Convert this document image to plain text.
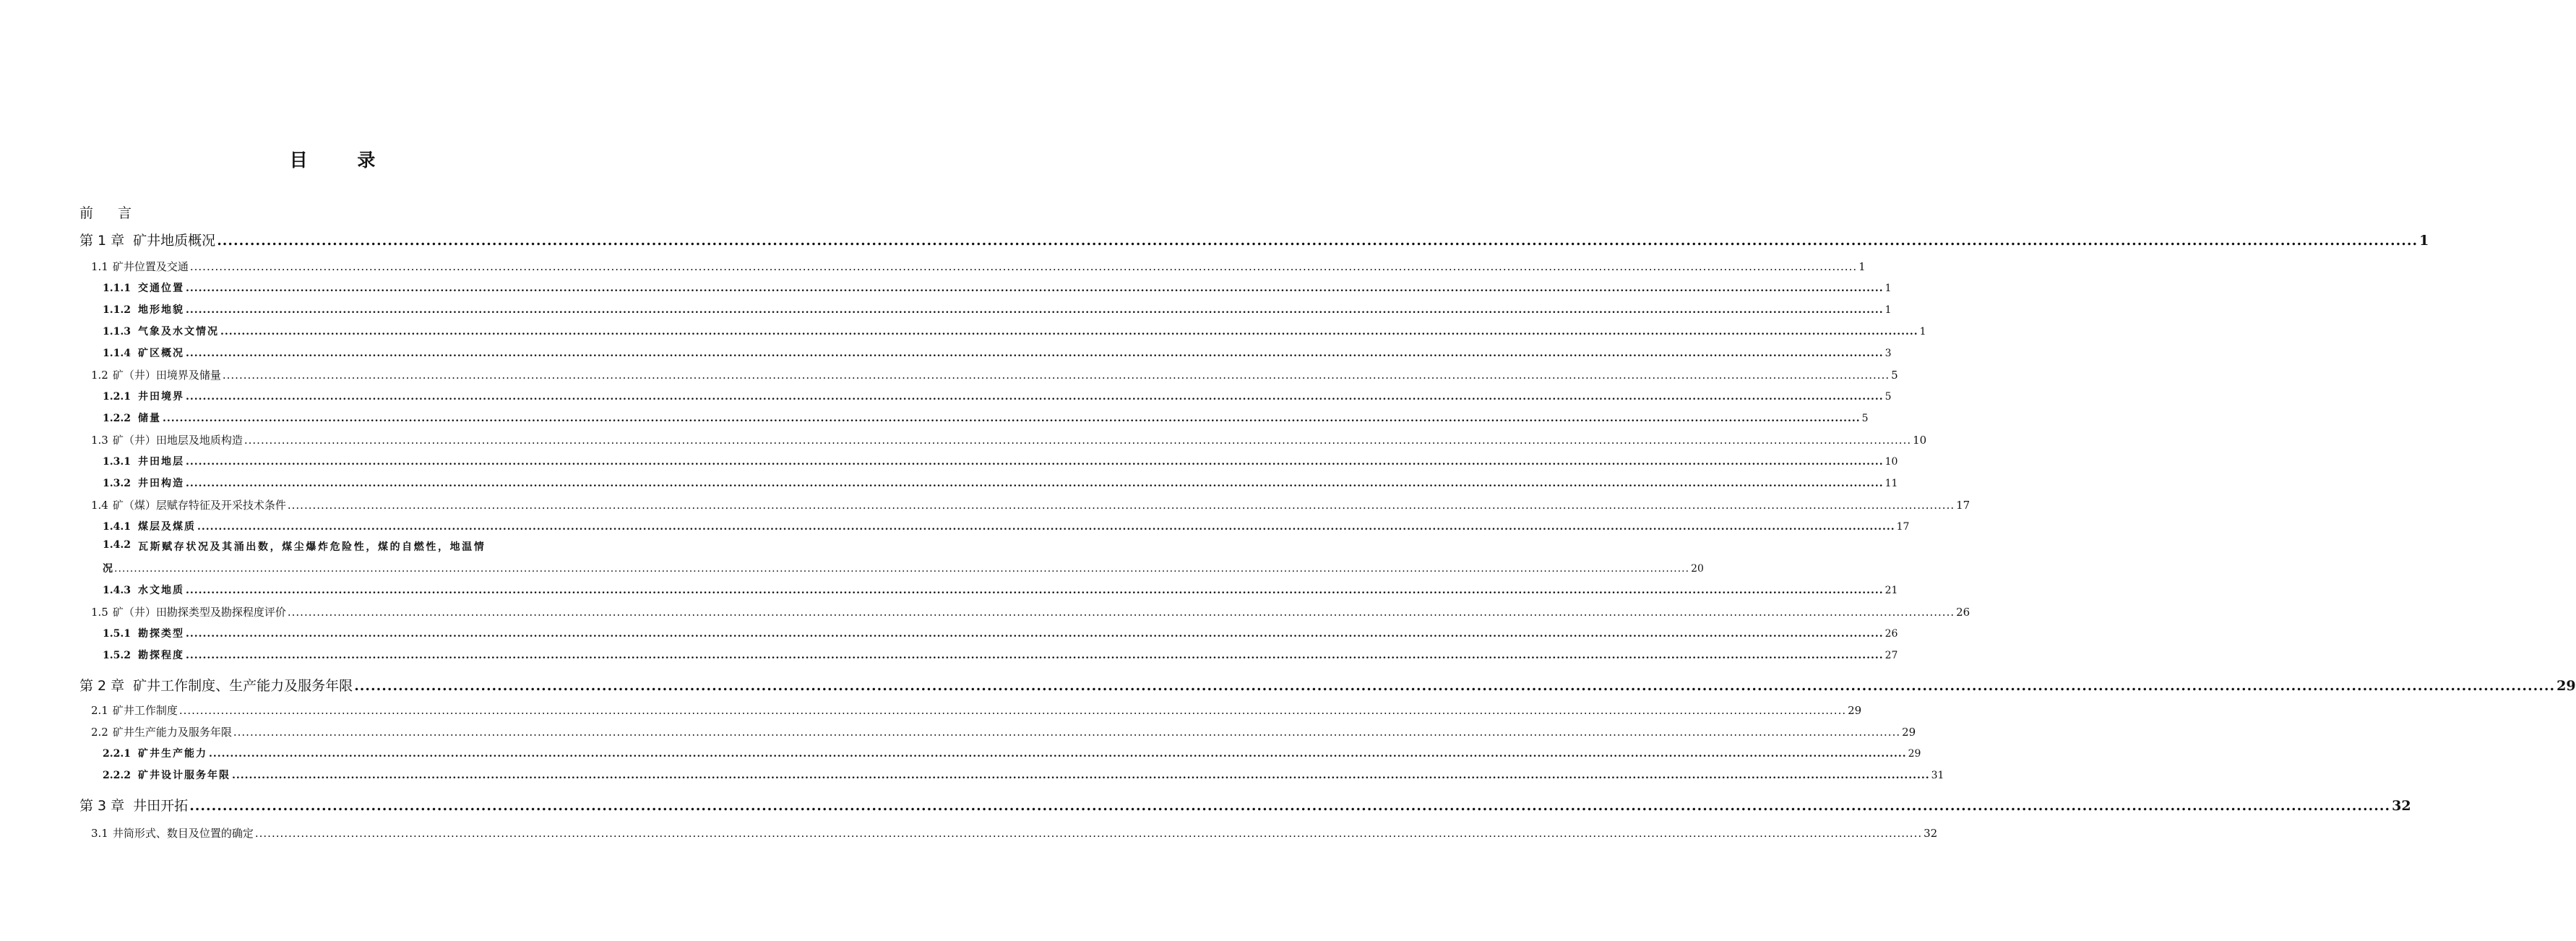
目 录
前 言
第 1 章 矿井地质概况 ................................................................................................................................................................................................................................................................................................................................................................................................................ 1
1.1 矿井位置及交通 ................................................................................................................................................................................................................................................................................................................................................................................................................ 1
1.1.1 交通位置 ................................................................................................................................................................................................................................................................................................................................................................................................................ 1
1.1.2 地形地貌 ................................................................................................................................................................................................................................................................................................................................................................................................................ 1
1.1.3 气象及水文情况 ................................................................................................................................................................................................................................................................................................................................................................................................................ 1
1.1.4 矿区概况 ................................................................................................................................................................................................................................................................................................................................................................................................................ 3
1.2 矿（井）田境界及储量 ................................................................................................................................................................................................................................................................................................................................................................................................................ 5
1.2.1 井田境界 ................................................................................................................................................................................................................................................................................................................................................................................................................ 5
1.2.2 储量 ................................................................................................................................................................................................................................................................................................................................................................................................................ 5
1.3 矿（井）田地层及地质构造 ................................................................................................................................................................................................................................................................................................................................................................................................................ 10
1.3.1 井田地层 ................................................................................................................................................................................................................................................................................................................................................................................................................ 10
1.3.2 井田构造 ................................................................................................................................................................................................................................................................................................................................................................................................................ 11
1.4 矿（煤）层赋存特征及开采技术条件 ................................................................................................................................................................................................................................................................................................................................................................................................................ 17
1.4.1 煤层及煤质 ................................................................................................................................................................................................................................................................................................................................................................................................................ 17
1.4.2 瓦斯赋存状况及其涌出数，煤尘爆炸危险性，煤的自燃性，地温情
况 ................................................................................................................................................................................................................................................................................................................................................................................................................ 20
1.4.3 水文地质 ................................................................................................................................................................................................................................................................................................................................................................................................................ 21
1.5 矿（井）田勘探类型及勘探程度评价 ................................................................................................................................................................................................................................................................................................................................................................................................................ 26
1.5.1 勘探类型 ................................................................................................................................................................................................................................................................................................................................................................................................................ 26
1.5.2 勘探程度 ................................................................................................................................................................................................................................................................................................................................................................................................................ 27
第 2 章 矿井工作制度、生产能力及服务年限 ................................................................................................................................................................................................................................................................................................................................................................................................................ 29
2.1 矿井工作制度 ................................................................................................................................................................................................................................................................................................................................................................................................................ 29
2.2 矿井生产能力及服务年限 ................................................................................................................................................................................................................................................................................................................................................................................................................ 29
2.2.1 矿井生产能力 ................................................................................................................................................................................................................................................................................................................................................................................................................ 29
2.2.2 矿井设计服务年限 ................................................................................................................................................................................................................................................................................................................................................................................................................ 31
第 3 章 井田开拓 ................................................................................................................................................................................................................................................................................................................................................................................................................ 32
3.1 井筒形式、数目及位置的确定 ................................................................................................................................................................................................................................................................................................................................................................................................................ 32
